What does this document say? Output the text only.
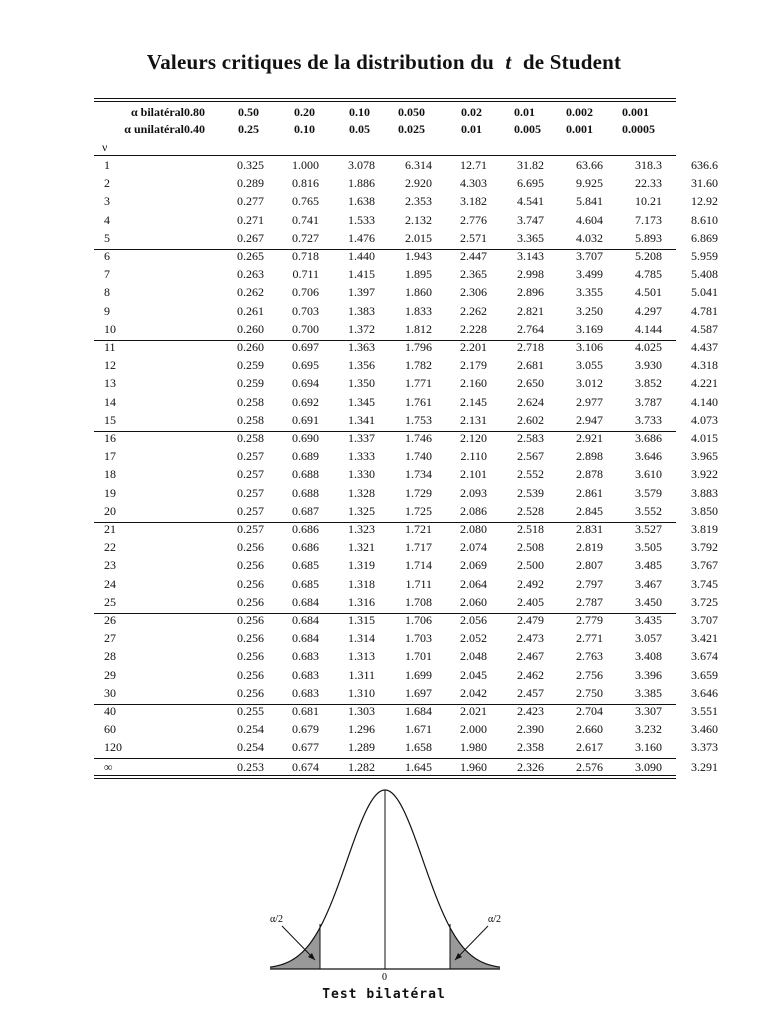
Valeurs critiques de la distribution du t de Student
α bilatéral
α unilatéral
0.80	0.50	0.20	0.10 0.050	0.02	0.01	0.002 0.001
0.40	0.25	0.10	0.05 0.025	0.01	0.005 0.001 0.0005
ν
1	0.325 1.000 3.078	6.314 12.71	31.82	63.66	318.3 636.6
2	0.289 0.816 1.886	2.920 4.303	6.695	9.925	22.33 31.60
3	0.277 0.765 1.638	2.353 3.182	4.541	5.841	10.21 12.92
4	0.271 0.741 1.533	2.132 2.776	3.747	4.604	7.173 8.610
5	0.267 0.727 1.476	2.015 2.571	3.365	4.032	5.893 6.869
6	0.265 0.718 1.440	1.943 2.447	3.143	3.707	5.208 5.959
7	0.263 0.711 1.415	1.895 2.365	2.998	3.499	4.785 5.408
8	0.262 0.706 1.397	1.860 2.306	2.896	3.355	4.501 5.041
9	0.261 0.703 1.383	1.833 2.262	2.821	3.250	4.297 4.781
10	0.260 0.700 1.372	1.812 2.228	2.764	3.169	4.144 4.587
11	0.260 0.697 1.363	1.796 2.201	2.718	3.106	4.025 4.437
12	0.259 0.695 1.356	1.782 2.179	2.681	3.055	3.930 4.318
13	0.259 0.694 1.350	1.771 2.160	2.650	3.012	3.852 4.221
14	0.258 0.692 1.345	1.761 2.145	2.624	2.977	3.787 4.140
15	0.258 0.691 1.341	1.753 2.131	2.602	2.947	3.733 4.073
16	0.258 0.690 1.337	1.746 2.120	2.583	2.921	3.686 4.015
17	0.257 0.689 1.333	1.740 2.110	2.567	2.898	3.646 3.965
18	0.257 0.688 1.330	1.734 2.101	2.552	2.878	3.610 3.922
19	0.257 0.688 1.328	1.729 2.093	2.539	2.861	3.579 3.883
20	0.257 0.687 1.325	1.725 2.086	2.528	2.845	3.552 3.850
21	0.257 0.686 1.323	1.721 2.080	2.518	2.831	3.527 3.819
22	0.256 0.686 1.321	1.717 2.074	2.508	2.819	3.505 3.792
23	0.256 0.685 1.319	1.714 2.069	2.500	2.807	3.485 3.767
24	0.256 0.685 1.318	1.711 2.064	2.492	2.797	3.467 3.745
25	0.256 0.684 1.316	1.708 2.060	2.405	2.787	3.450 3.725
26	0.256 0.684 1.315	1.706 2.056	2.479	2.779	3.435 3.707
27	0.256 0.684 1.314	1.703 2.052	2.473	2.771	3.057 3.421
28	0.256 0.683 1.313	1.701 2.048	2.467	2.763	3.408 3.674
29	0.256 0.683 1.311	1.699 2.045	2.462	2.756	3.396 3.659
30	0.256 0.683 1.310	1.697 2.042	2.457	2.750	3.385 3.646
40	0.255 0.681 1.303	1.684 2.021	2.423	2.704	3.307 3.551
60	0.254 0.679 1.296	1.671 2.000	2.390	2.660	3.232 3.460
120	0.254 0.677 1.289	1.658 1.980	2.358	2.617	3.160 3.373
∞	0.253 0.674 1.282	1.645 1.960	2.326	2.576	3.090 3.291
α/2	α/2
0
Test bilatéral
